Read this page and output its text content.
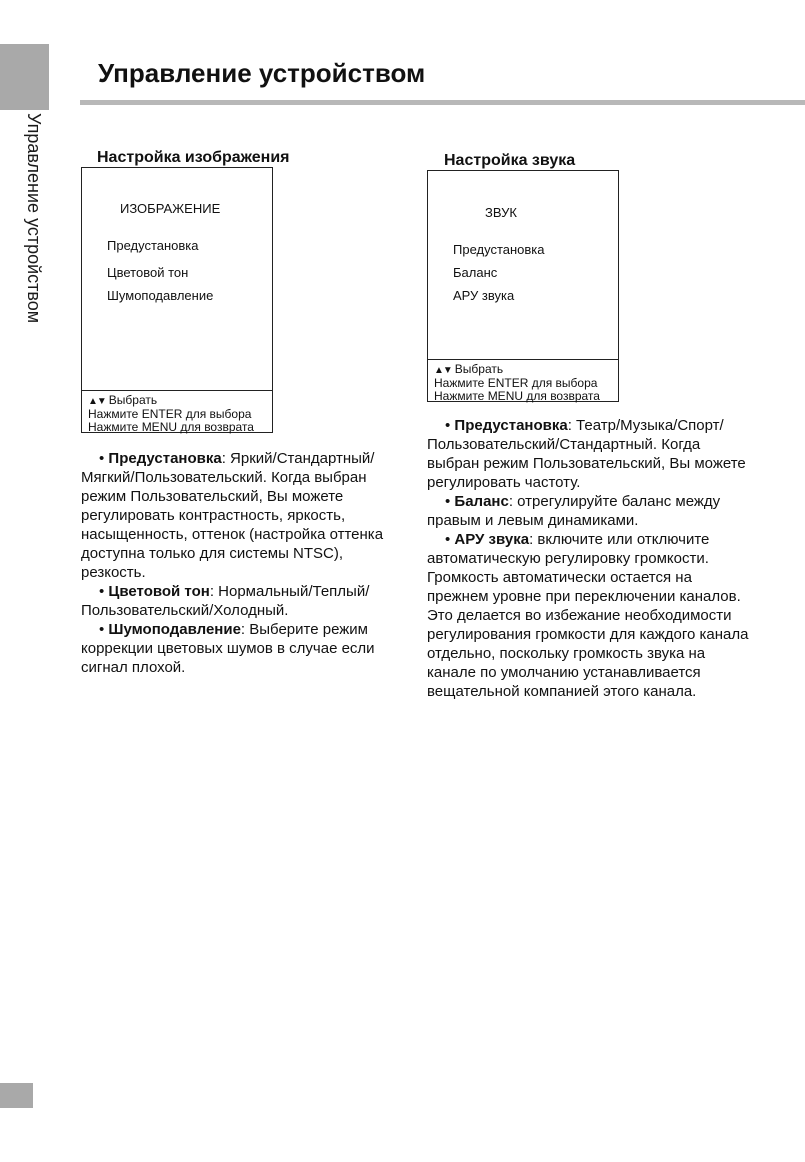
Управление устройством
Управление устройством
Настройка изображения
ИЗОБРАЖЕНИЕ
Предустановка
Цветовой тон
Шумоподавление
▲▼ Выбрать
Нажмите ENTER для выбора
Нажмите MENU для возврата

• Предустановка: Яркий/Стандартный/ Мягкий/Пользовательский. Когда выбран режим Пользовательский, Вы можете регулировать контрастность, яркость, насыщенность, оттенок (настройка оттенка доступна только для системы NTSC), резкость.

• Цветовой тон: Нормальный/Теплый/ Пользовательский/Холодный.

• Шумоподавление: Выберите режим коррекции цветовых шумов в случае если сигнал плохой.

Настройка звука
ЗВУК
Предустановка
Баланс
АРУ звука
▲▼ Выбрать
Нажмите ENTER для выбора
Нажмите MENU для возврата

• Предустановка: Театр/Музыка/Спорт/ Пользовательский/Стандартный. Когда выбран режим Пользовательский, Вы можете регулировать частоту.

• Баланс: отрегулируйте баланс между правым и левым динамиками.

• АРУ звука: включите или отключите автоматическую регулировку громкости. Громкость автоматически остается на прежнем уровне при переключении каналов. Это делается во избежание необходимости регулирования громкости для каждого канала отдельно, поскольку громкость звука на канале по умолчанию устанавливается вещательной компанией этого канала.
